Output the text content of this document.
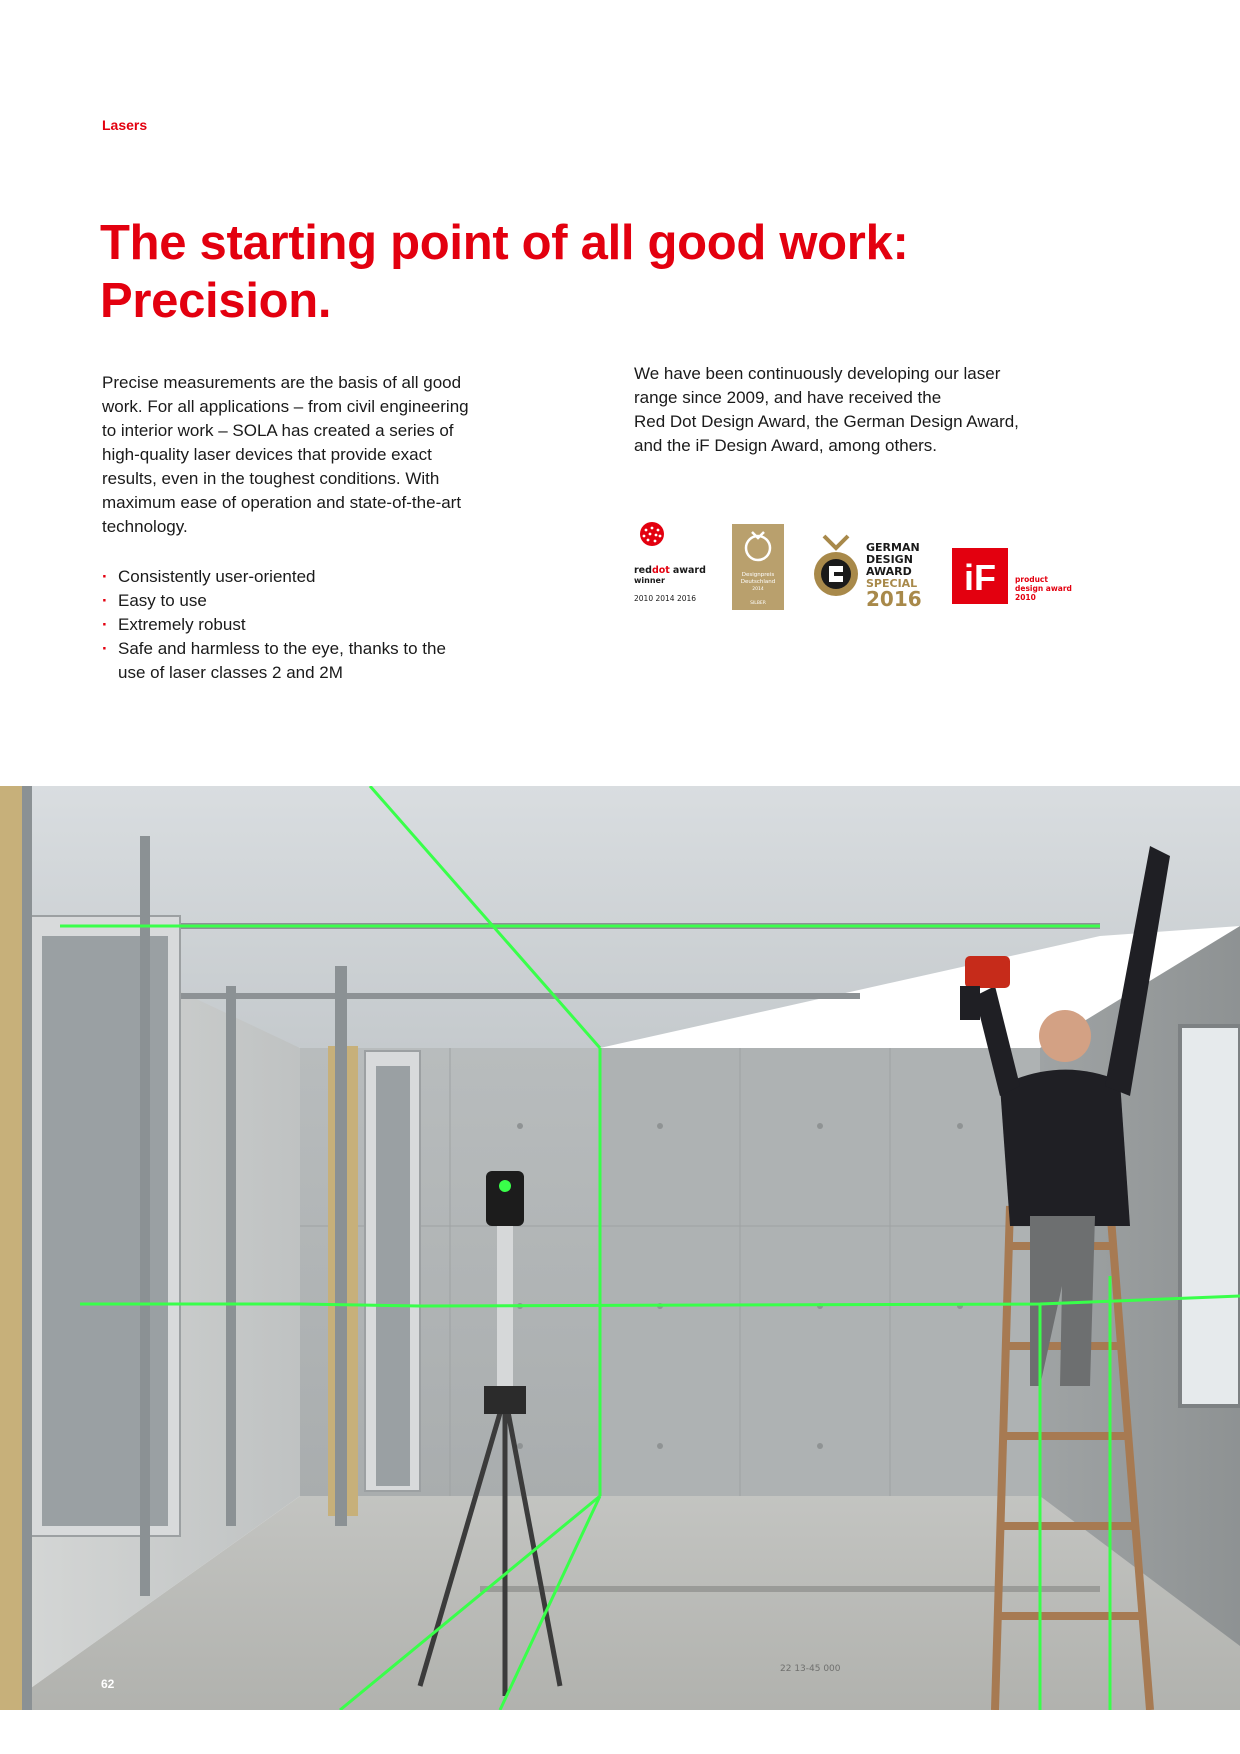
Lasers
The starting point of all good work:
Precision.

Precise measurements are the basis of all good
work. For all applications – from civil engineering
to interior work – SOLA has created a series of
high-quality laser devices that provide exact
results, even in the toughest conditions. With
maximum ease of operation and state-of-the-art
technology.

· Consistently user-oriented
· Easy to use
· Extremely robust
· Safe and harmless to the eye, thanks to the
use of laser classes 2 and 2M

We have been continuously developing our laser
range since 2009, and have received the
Red Dot Design Award, the German Design Award,
and the iF Design Award, among others.

reddot award
winner
2010 2014 2016
Designpreis
Deutschland
2014
SILBER
GERMAN
DESIGN
AWARD
SPECIAL
2016
iF	product
design award
2010
22 13-45 000
62
